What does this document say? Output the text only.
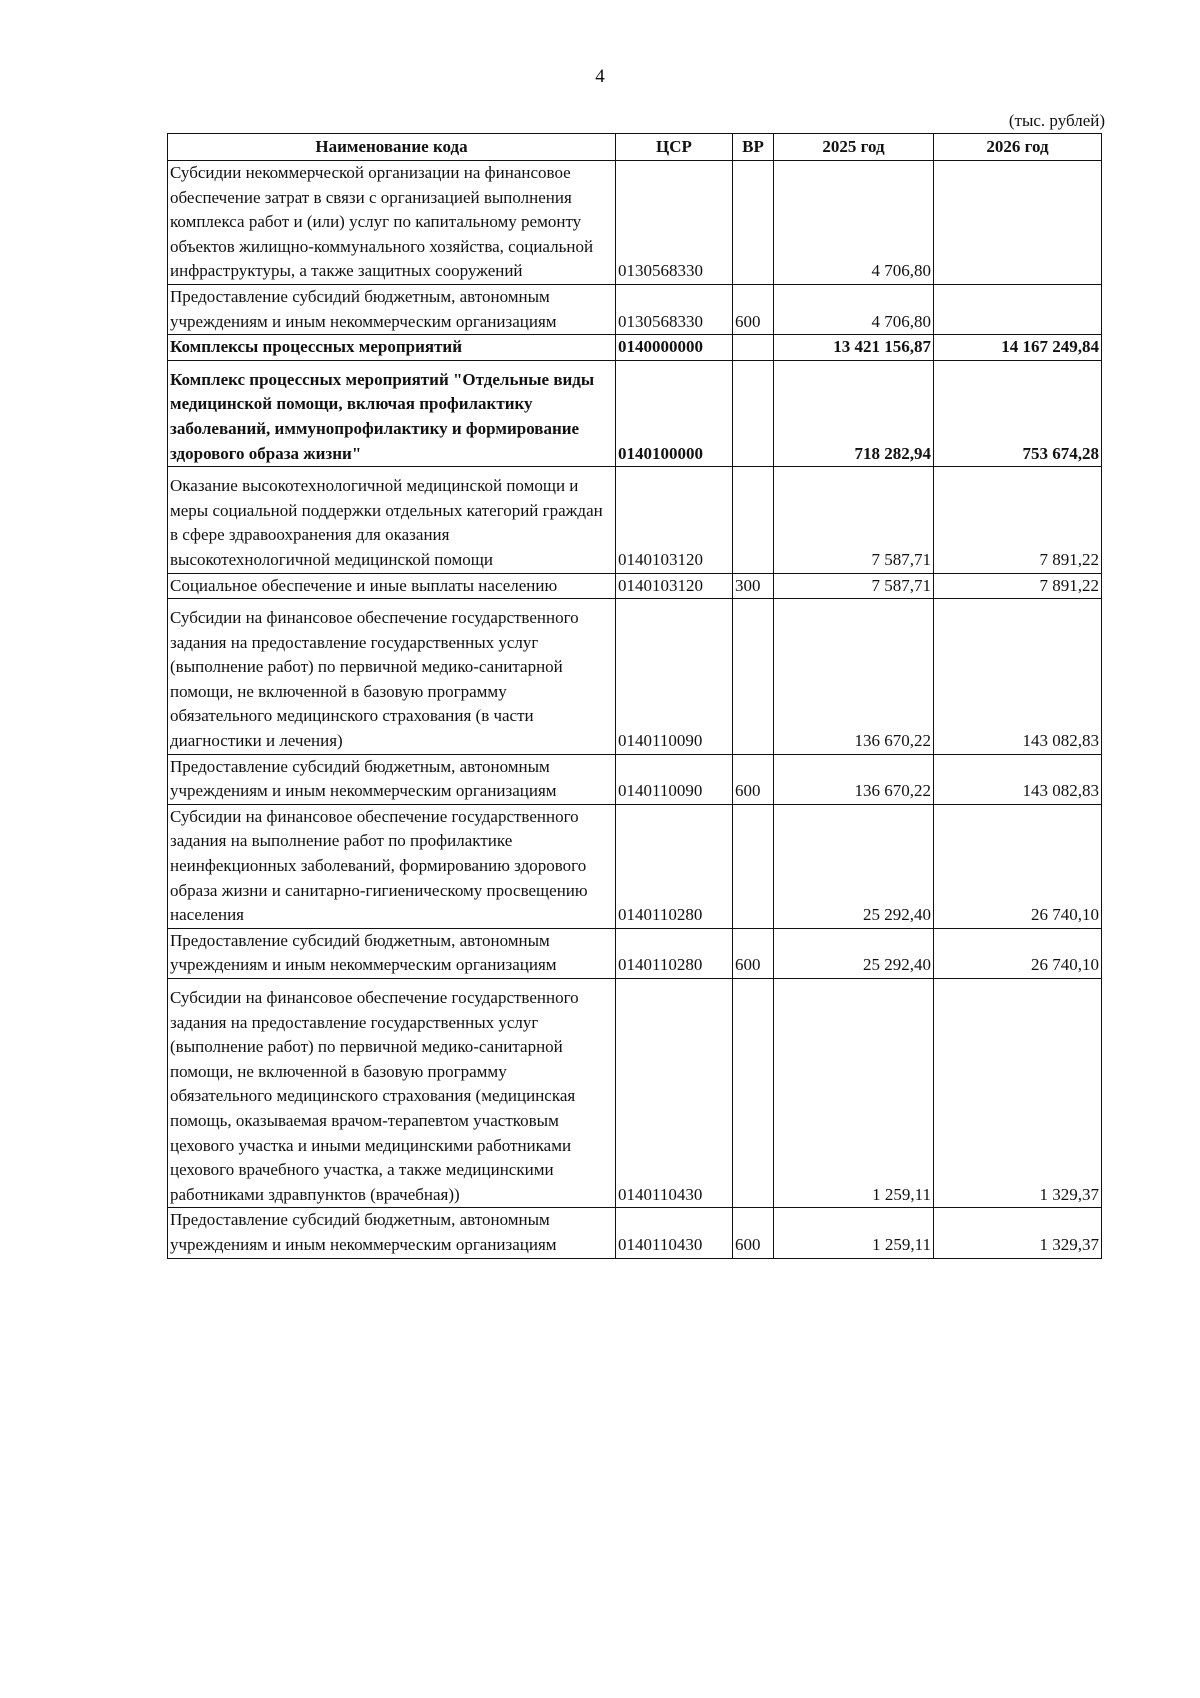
4
(тыс. рублей)
Наименование кода	ЦСР	ВР	2025 год	2026 год
Субсидии некоммерческой организации на финансовое обеспечение затрат в связи с организацией выполнения комплекса работ и (или) услуг по капитальному ремонту объектов жилищно-коммунального хозяйства, социальной инфраструктуры, а также защитных сооружений	0130568330		4 706,80	
Предоставление субсидий бюджетным, автономным учреждениям и иным некоммерческим организациям	0130568330	600	4 706,80	
Комплексы процессных мероприятий	0140000000		13 421 156,87	14 167 249,84
Комплекс процессных мероприятий "Отдельные виды медицинской помощи, включая профилактику заболеваний, иммунопрофилактику и формирование здорового образа жизни"	0140100000		718 282,94	753 674,28
Оказание высокотехнологичной медицинской помощи и меры социальной поддержки отдельных категорий граждан в сфере здравоохранения для оказания высокотехнологичной медицинской помощи	0140103120		7 587,71	7 891,22
Социальное обеспечение и иные выплаты населению	0140103120	300	7 587,71	7 891,22
Субсидии на финансовое обеспечение государственного задания на предоставление государственных услуг (выполнение работ) по первичной медико-санитарной помощи, не включенной в базовую программу обязательного медицинского страхования (в части диагностики и лечения)	0140110090		136 670,22	143 082,83
Предоставление субсидий бюджетным, автономным учреждениям и иным некоммерческим организациям	0140110090	600	136 670,22	143 082,83
Субсидии на финансовое обеспечение государственного задания на выполнение работ по профилактике неинфекционных заболеваний, формированию здорового образа жизни и санитарно-гигиеническому просвещению населения	0140110280		25 292,40	26 740,10
Предоставление субсидий бюджетным, автономным учреждениям и иным некоммерческим организациям	0140110280	600	25 292,40	26 740,10
Субсидии на финансовое обеспечение государственного задания на предоставление государственных услуг (выполнение работ) по первичной медико-санитарной помощи, не включенной в базовую программу обязательного медицинского страхования (медицинская помощь, оказываемая врачом-терапевтом участковым цехового участка и иными медицинскими работниками цехового врачебного участка, а также медицинскими работниками здравпунктов (врачебная))	0140110430		1 259,11	1 329,37
Предоставление субсидий бюджетным, автономным учреждениям и иным некоммерческим организациям	0140110430	600	1 259,11	1 329,37
